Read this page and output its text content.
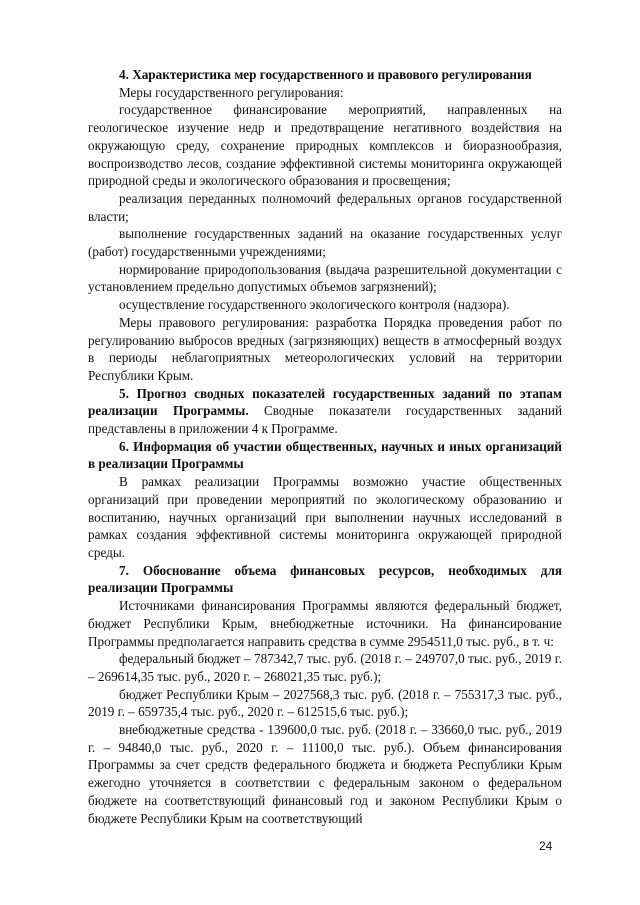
4. Характеристика мер государственного и правового регулирования

Меры государственного регулирования:

государственное финансирование мероприятий, направленных на геологическое изучение недр и предотвращение негативного воздействия на окружающую среду, сохранение природных комплексов и биоразнообразия, воспроизводство лесов, создание эффективной системы мониторинга окружающей природной среды и экологического образования и просвещения;

реализация переданных полномочий федеральных органов государственной власти;

выполнение государственных заданий на оказание государственных услуг (работ) государственными учреждениями;

нормирование природопользования (выдача разрешительной документации с установлением предельно допустимых объемов загрязнений);

осуществление государственного экологического контроля (надзора).

Меры правового регулирования: разработка Порядка проведения работ по регулированию выбросов вредных (загрязняющих) веществ в атмосферный воздух в периоды неблагоприятных метеорологических условий на территории Республики Крым.

5. Прогноз сводных показателей государственных заданий по этапам реализации Программы. Сводные показатели государственных заданий представлены в приложении 4 к Программе.

6. Информация об участии общественных, научных и иных организаций в реализации Программы

В рамках реализации Программы возможно участие общественных организаций при проведении мероприятий по экологическому образованию и воспитанию, научных организаций при выполнении научных исследований в рамках создания эффективной системы мониторинга окружающей природной среды.

7. Обоснование объема финансовых ресурсов, необходимых для реализации Программы

Источниками финансирования Программы являются федеральный бюджет, бюджет Республики Крым, внебюджетные источники. На финансирование Программы предполагается направить средства в сумме 2954511,0 тыс. руб., в т. ч:

федеральный бюджет – 787342,7 тыс. руб. (2018 г. – 249707,0 тыс. руб., 2019 г. – 269614,35 тыс. руб., 2020 г. – 268021,35 тыс. руб.);

бюджет Республики Крым – 2027568,3 тыс. руб. (2018 г. – 755317,3 тыс. руб., 2019 г. – 659735,4 тыс. руб., 2020 г. – 612515,6 тыс. руб.);

внебюджетные средства - 139600,0 тыс. руб. (2018 г. – 33660,0 тыс. руб., 2019 г. – 94840,0 тыс. руб., 2020 г. – 11100,0 тыс. руб.). Объем финансирования Программы за счет средств федерального бюджета и бюджета Республики Крым ежегодно уточняется в соответствии с федеральным законом о федеральном бюджете на соответствующий финансовый год и законом Республики Крым о бюджете Республики Крым на соответствующий

24
